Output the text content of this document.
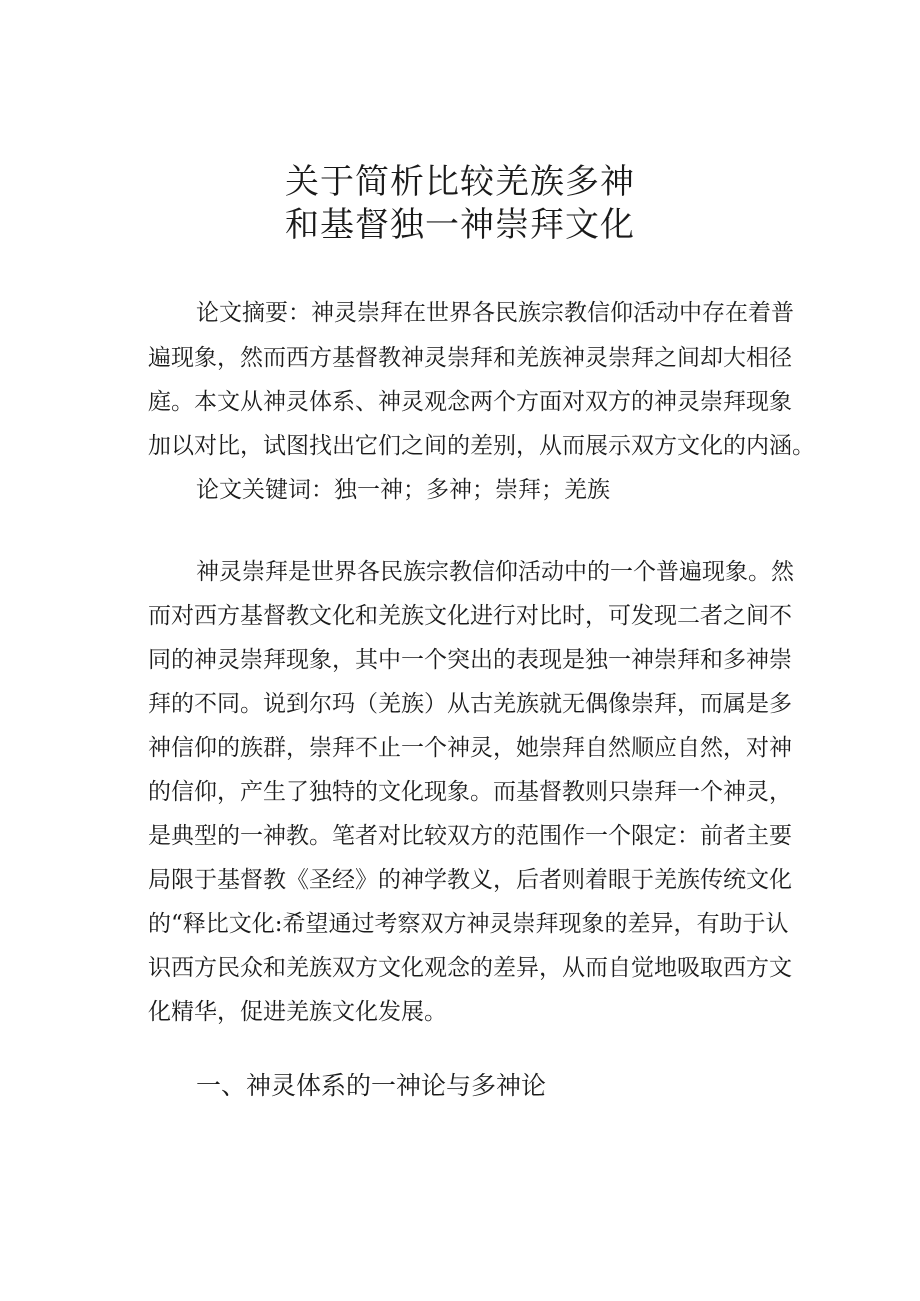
关于简析比较羌族多神
和基督独一神崇拜文化
论文摘要：神灵崇拜在世界各民族宗教信仰活动中存在着普
遍现象，然而西方基督教神灵崇拜和羌族神灵崇拜之间却大相径
庭。本文从神灵体系、神灵观念两个方面对双方的神灵崇拜现象
加以对比，试图找出它们之间的差别，从而展示双方文化的内涵。
论文关键词：独一神；多神；崇拜；羌族
神灵崇拜是世界各民族宗教信仰活动中的一个普遍现象。然
而对西方基督教文化和羌族文化进行对比时，可发现二者之间不
同的神灵崇拜现象，其中一个突出的表现是独一神崇拜和多神崇
拜的不同。说到尔玛（羌族）从古羌族就无偶像崇拜，而属是多
神信仰的族群，崇拜不止一个神灵，她崇拜自然顺应自然，对神
的信仰，产生了独特的文化现象。而基督教则只崇拜一个神灵，
是典型的一神教。笔者对比较双方的范围作一个限定：前者主要
局限于基督教《圣经》的神学教义，后者则着眼于羌族传统文化
的“释比文化:希望通过考察双方神灵崇拜现象的差异，有助于认
识西方民众和羌族双方文化观念的差异，从而自觉地吸取西方文
化精华，促进羌族文化发展。
一、神灵体系的一神论与多神论
